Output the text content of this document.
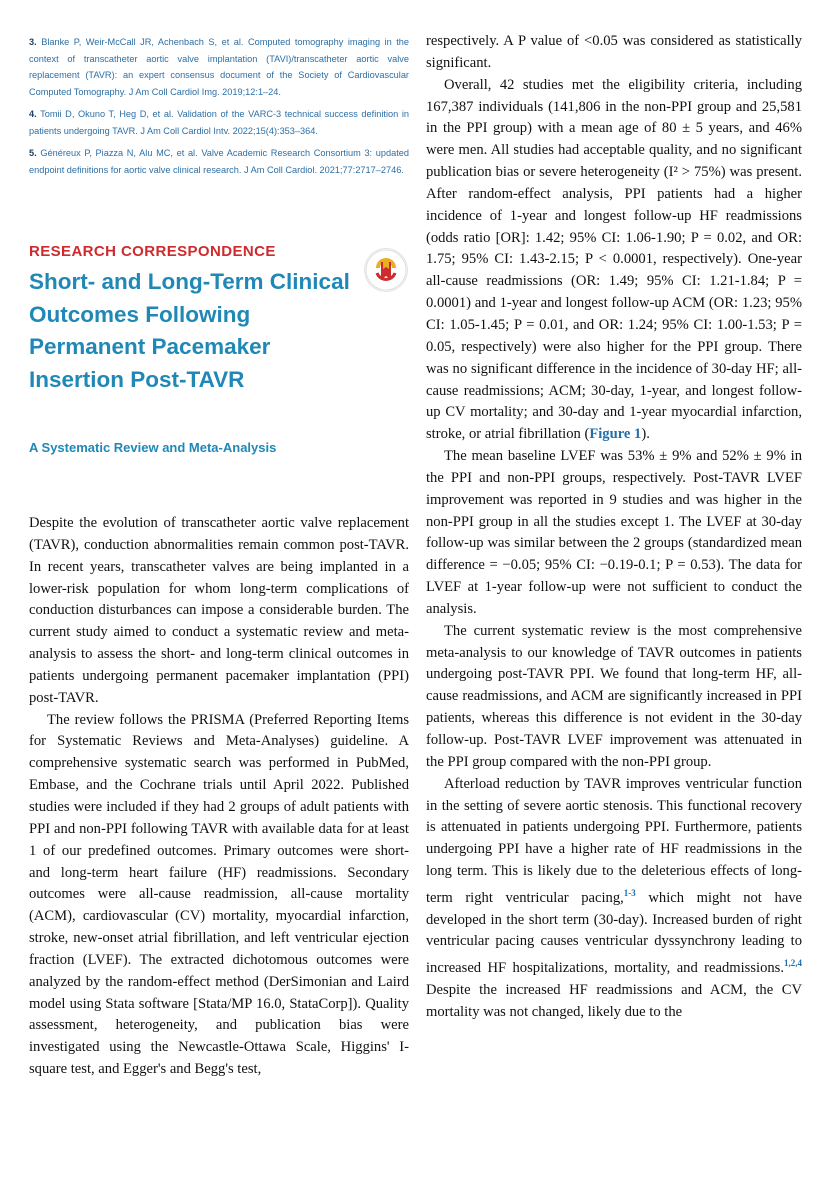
3. Blanke P, Weir-McCall JR, Achenbach S, et al. Computed tomography imaging in the context of transcatheter aortic valve implantation (TAVI)/transcatheter aortic valve replacement (TAVR): an expert consensus document of the Society of Cardiovascular Computed Tomography. J Am Coll Cardiol Img. 2019;12:1–24.
4. Tomii D, Okuno T, Heg D, et al. Validation of the VARC-3 technical success definition in patients undergoing TAVR. J Am Coll Cardiol Intv. 2022;15(4):353–364.
5. Généreux P, Piazza N, Alu MC, et al. Valve Academic Research Consortium 3: updated endpoint definitions for aortic valve clinical research. J Am Coll Cardiol. 2021;77:2717–2746.
RESEARCH CORRESPONDENCE
Short- and Long-Term Clinical Outcomes Following Permanent Pacemaker Insertion Post-TAVR
A Systematic Review and Meta-Analysis

Despite the evolution of transcatheter aortic valve replacement (TAVR), conduction abnormalities remain common post-TAVR. In recent years, transcatheter valves are being implanted in a lower-risk population for whom long-term complications of conduction disturbances can impose a considerable burden. The current study aimed to conduct a systematic review and meta-analysis to assess the short- and long-term clinical outcomes in patients undergoing permanent pacemaker implantation (PPI) post-TAVR.

The review follows the PRISMA (Preferred Reporting Items for Systematic Reviews and Meta-Analyses) guideline. A comprehensive systematic search was performed in PubMed, Embase, and the Cochrane trials until April 2022. Published studies were included if they had 2 groups of adult patients with PPI and non-PPI following TAVR with available data for at least 1 of our predefined outcomes. Primary outcomes were short- and long-term heart failure (HF) readmissions. Secondary outcomes were all-cause readmission, all-cause mortality (ACM), cardiovascular (CV) mortality, myocardial infarction, stroke, new-onset atrial fibrillation, and left ventricular ejection fraction (LVEF). The extracted dichotomous outcomes were analyzed by the random-effect method (DerSimonian and Laird model using Stata software [Stata/MP 16.0, StataCorp]). Quality assessment, heterogeneity, and publication bias were investigated using the Newcastle-Ottawa Scale, Higgins' I-square test, and Egger's and Begg's test,

respectively. A P value of <0.05 was considered as statistically significant.

Overall, 42 studies met the eligibility criteria, including 167,387 individuals (141,806 in the non-PPI group and 25,581 in the PPI group) with a mean age of 80 ± 5 years, and 46% were men. All studies had acceptable quality, and no significant publication bias or severe heterogeneity (I² > 75%) was present. After random-effect analysis, PPI patients had a higher incidence of 1-year and longest follow-up HF readmissions (odds ratio [OR]: 1.42; 95% CI: 1.06-1.90; P = 0.02, and OR: 1.75; 95% CI: 1.43-2.15; P < 0.0001, respectively). One-year all-cause readmissions (OR: 1.49; 95% CI: 1.21-1.84; P = 0.0001) and 1-year and longest follow-up ACM (OR: 1.23; 95% CI: 1.05-1.45; P = 0.01, and OR: 1.24; 95% CI: 1.00-1.53; P = 0.05, respectively) were also higher for the PPI group. There was no significant difference in the incidence of 30-day HF; all-cause readmissions; ACM; 30-day, 1-year, and longest follow-up CV mortality; and 30-day and 1-year myocardial infarction, stroke, or atrial fibrillation (Figure 1).

The mean baseline LVEF was 53% ± 9% and 52% ± 9% in the PPI and non-PPI groups, respectively. Post-TAVR LVEF improvement was reported in 9 studies and was higher in the non-PPI group in all the studies except 1. The LVEF at 30-day follow-up was similar between the 2 groups (standardized mean difference = −0.05; 95% CI: −0.19-0.1; P = 0.53). The data for LVEF at 1-year follow-up were not sufficient to conduct the analysis.

The current systematic review is the most comprehensive meta-analysis to our knowledge of TAVR outcomes in patients undergoing post-TAVR PPI. We found that long-term HF, all-cause readmissions, and ACM are significantly increased in PPI patients, whereas this difference is not evident in the 30-day follow-up. Post-TAVR LVEF improvement was attenuated in the PPI group compared with the non-PPI group.

Afterload reduction by TAVR improves ventricular function in the setting of severe aortic stenosis. This functional recovery is attenuated in patients undergoing PPI. Furthermore, patients undergoing PPI have a higher rate of HF readmissions in the long term. This is likely due to the deleterious effects of long-term right ventricular pacing,$^{1-3}$ which might not have developed in the short term (30-day). Increased burden of right ventricular pacing causes ventricular dyssynchrony leading to increased HF hospitalizations, mortality, and readmissions.$^{1,2,4}$ Despite the increased HF readmissions and ACM, the CV mortality was not changed, likely due to the
